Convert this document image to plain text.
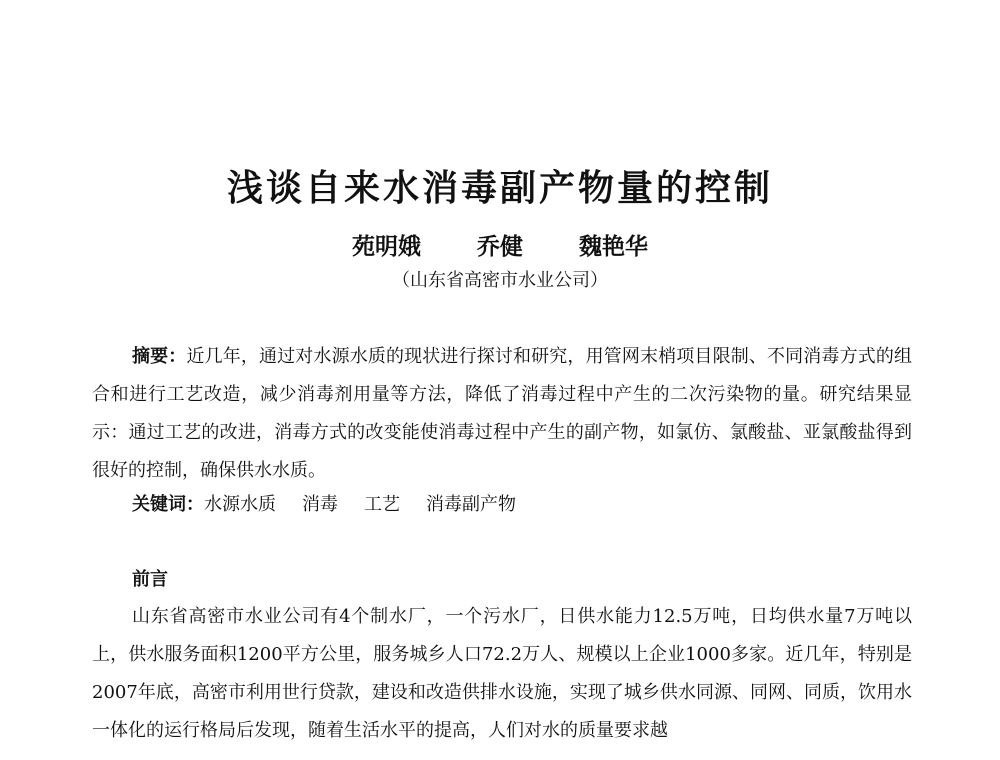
浅谈自来水消毒副产物量的控制
苑明娥 乔健 魏艳华
（山东省高密市水业公司）
摘要：近几年，通过对水源水质的现状进行探讨和研究，用管网末梢项目限制、不同消毒方式的组合和进行工艺改造，减少消毒剂用量等方法，降低了消毒过程中产生的二次污染物的量。研究结果显示：通过工艺的改进，消毒方式的改变能使消毒过程中产生的副产物，如氯仿、氯酸盐、亚氯酸盐得到很好的控制，确保供水水质。
关键词：水源水质 消毒 工艺 消毒副产物
前言
山东省高密市水业公司有4个制水厂，一个污水厂，日供水能力12.5万吨，日均供水量7万吨以上，供水服务面积1200平方公里，服务城乡人口72.2万人、规模以上企业1000多家。近几年，特别是2007年底，高密市利用世行贷款，建设和改造供排水设施，实现了城乡供水同源、同网、同质，饮用水一体化的运行格局后发现，随着生活水平的提高，人们对水的质量要求越
